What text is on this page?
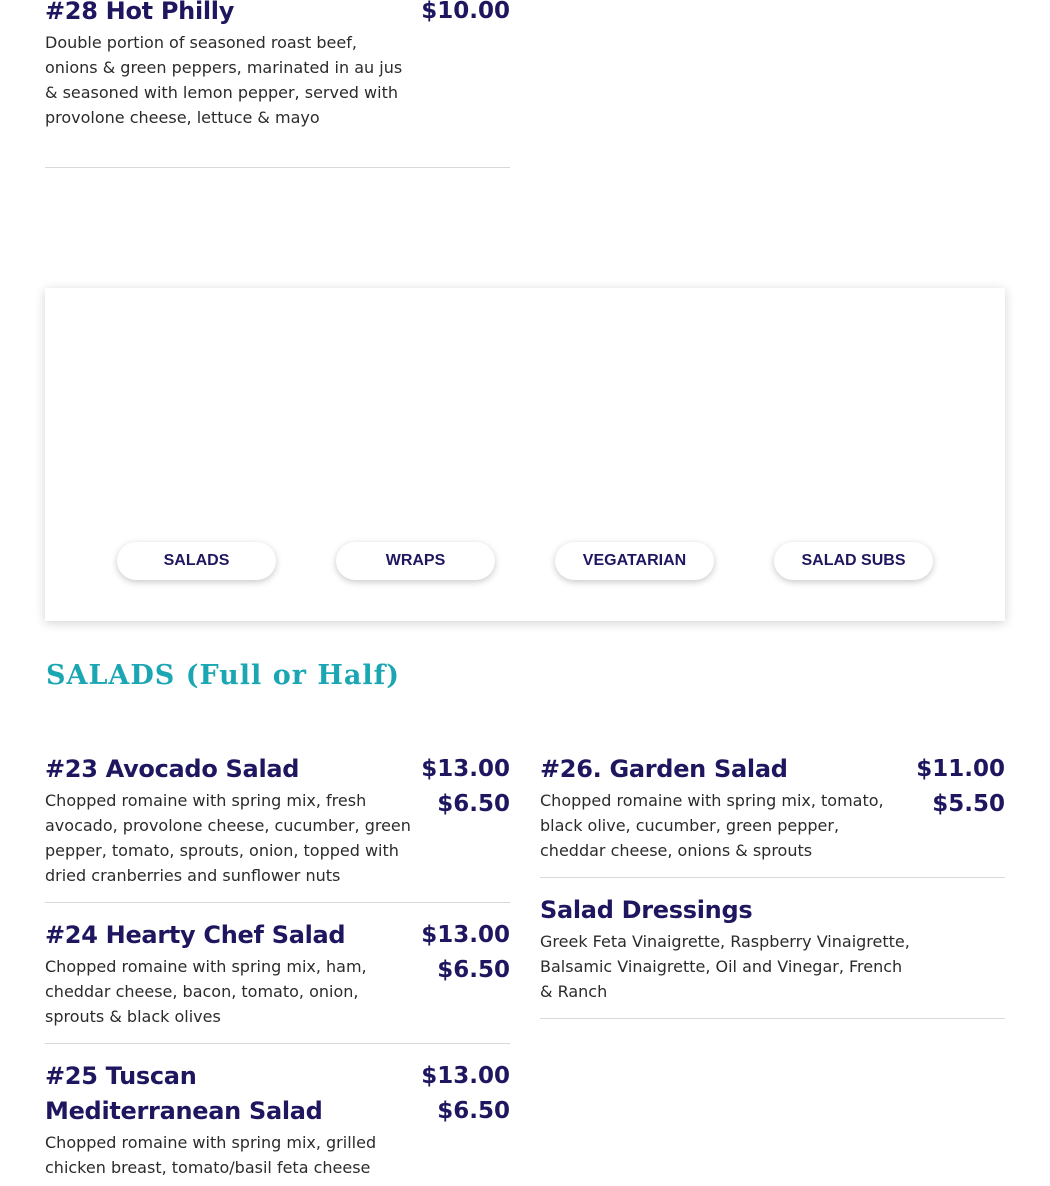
#28 Hot Philly
Double portion of seasoned roast beef, onions & green peppers, marinated in au jus & seasoned with lemon pepper, served with provolone cheese, lettuce & mayo
$10.00
SALADS	WRAPS	VEGATARIAN	SALAD SUBS
SALADS (Full or Half)
#23 Avocado Salad
Chopped romaine with spring mix, fresh avocado, provolone cheese, cucumber, green pepper, tomato, sprouts, onion, topped with dried cranberries and sunflower nuts
$13.00
$6.50
#24 Hearty Chef Salad
Chopped romaine with spring mix, ham, cheddar cheese, bacon, tomato, onion, sprouts & black olives
$13.00
$6.50
#25 Tuscan Mediterranean Salad
Chopped romaine with spring mix, grilled chicken breast, tomato/basil feta cheese
$13.00
$6.50
#26. Garden Salad
Chopped romaine with spring mix, tomato, black olive, cucumber, green pepper, cheddar cheese, onions & sprouts
$11.00
$5.50
Salad Dressings
Greek Feta Vinaigrette, Raspberry Vinaigrette, Balsamic Vinaigrette, Oil and Vinegar, French & Ranch
